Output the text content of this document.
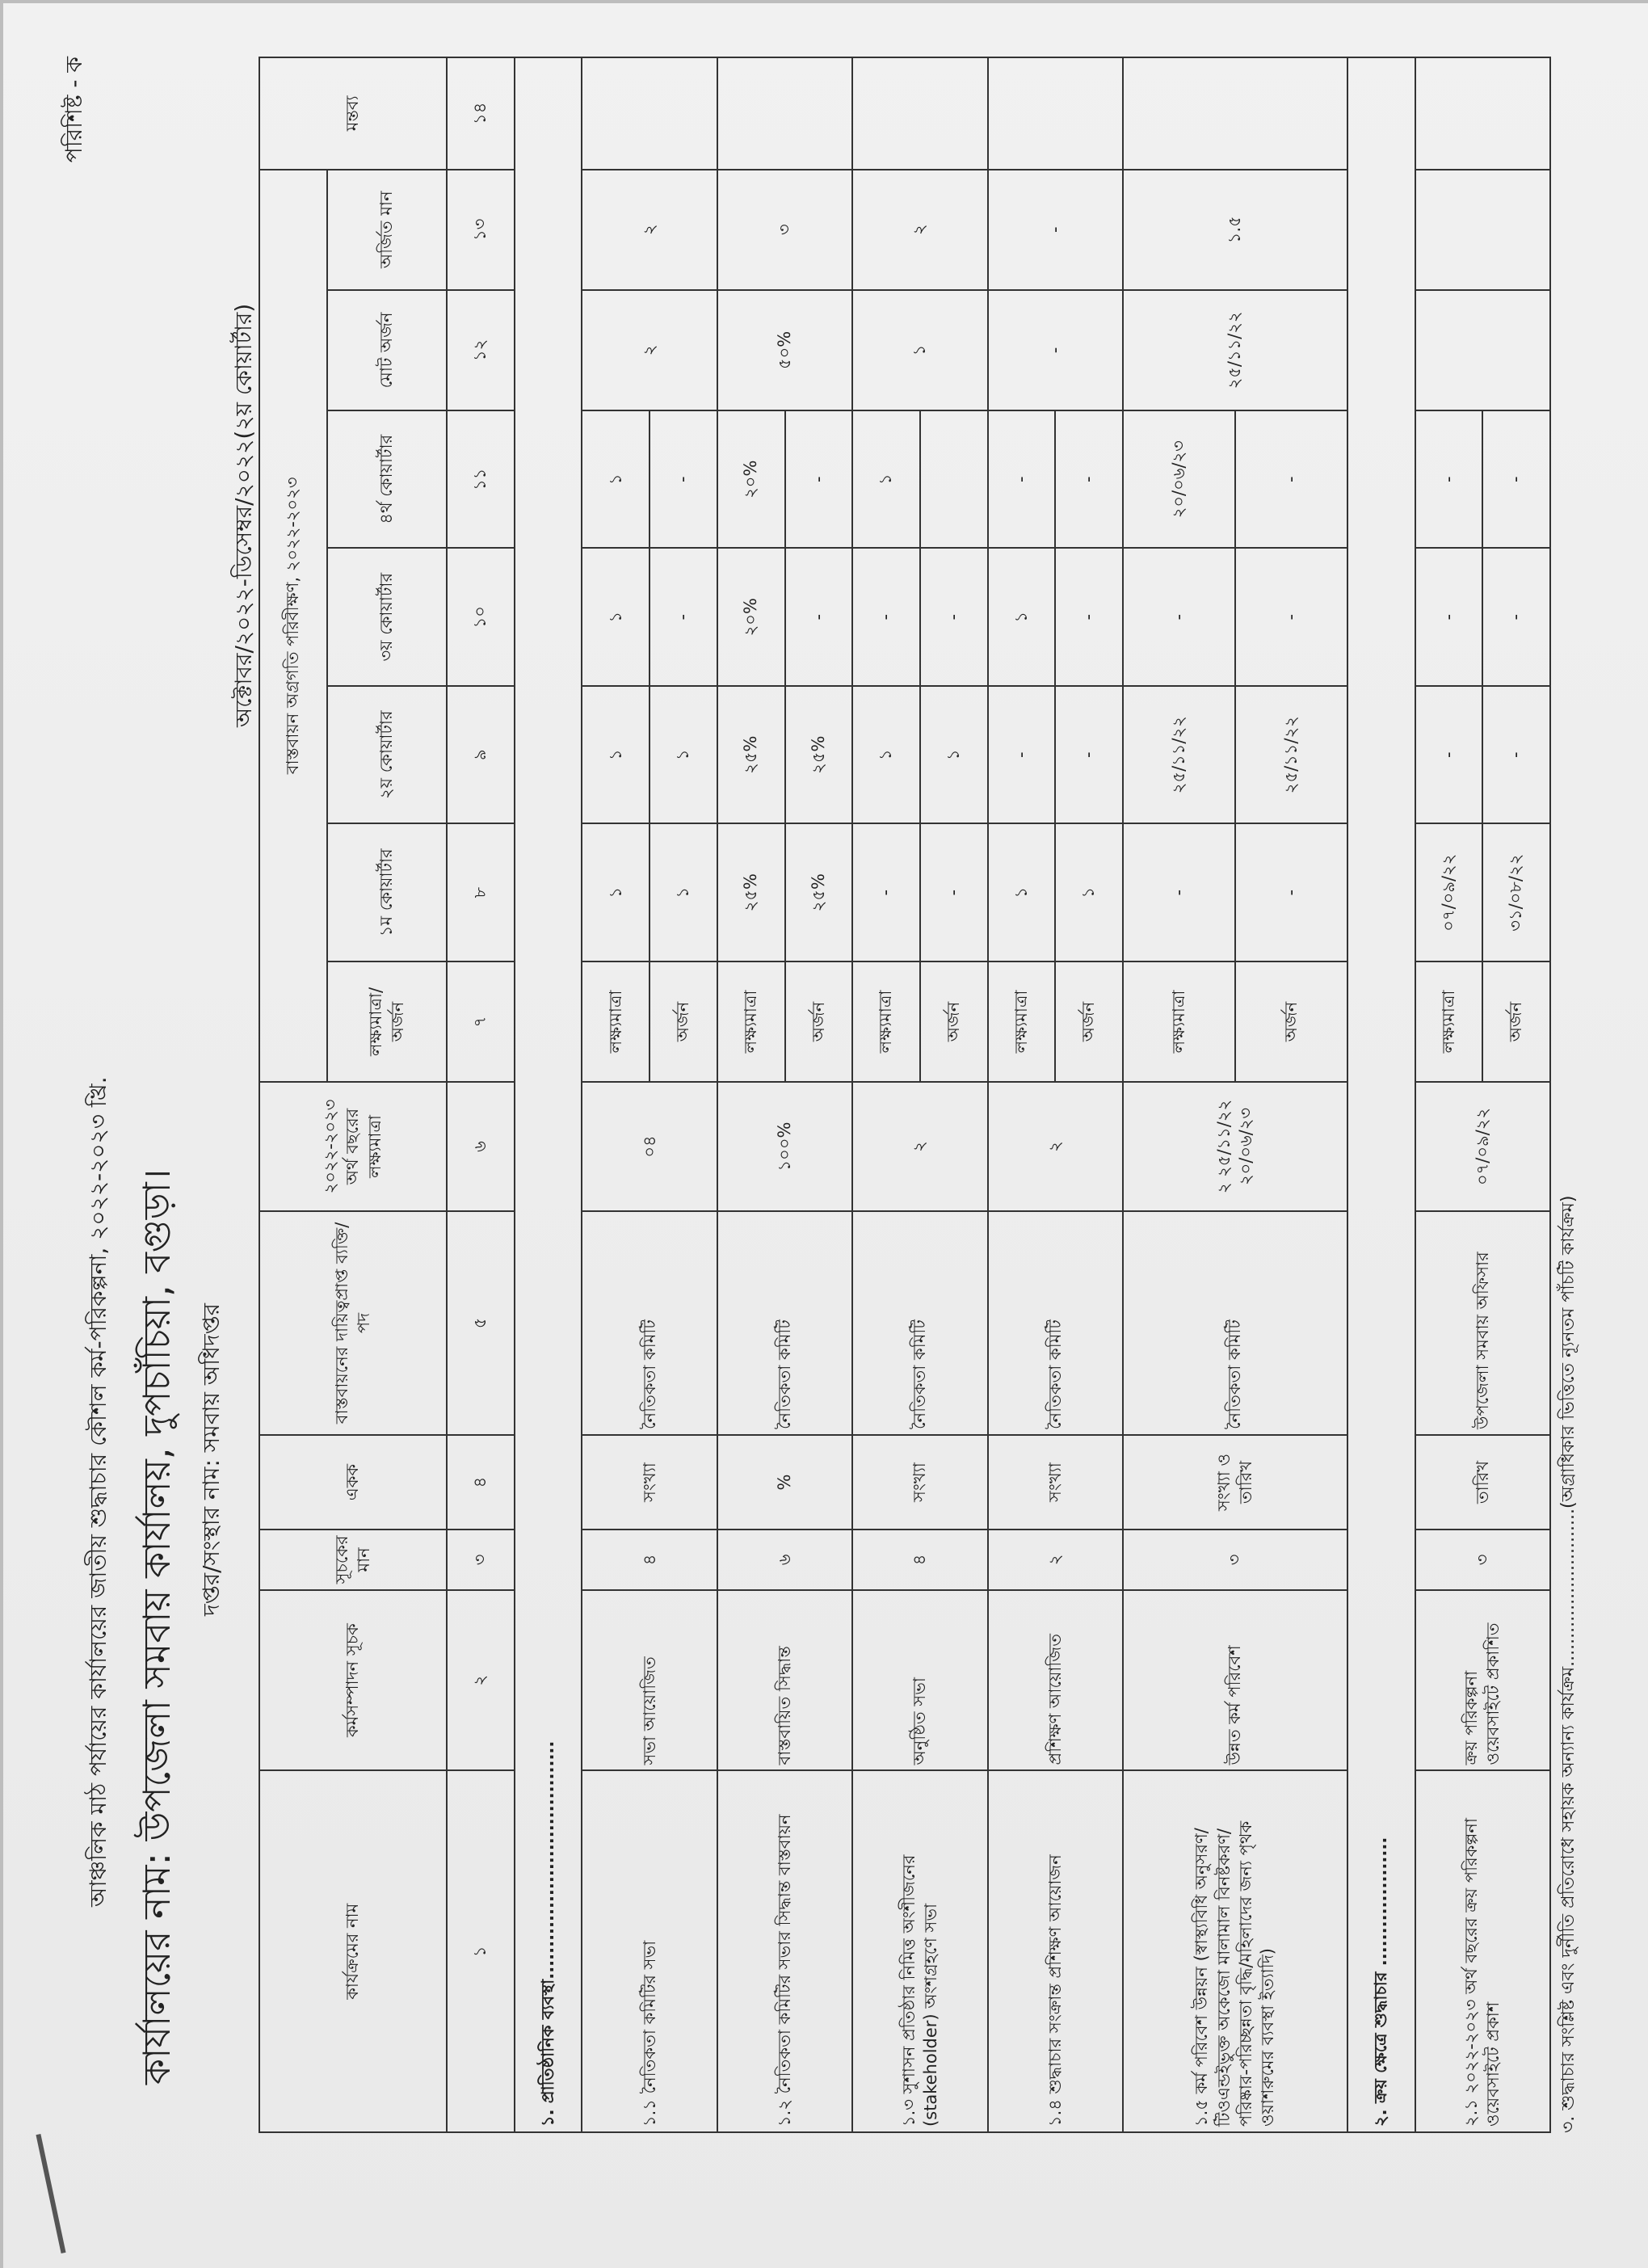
পরিশিষ্ট - ক
আঞ্চলিক মাঠ পর্যায়ের কার্যালয়ের জাতীয় শুদ্ধাচার কৌশল কর্ম-পরিকল্পনা, ২০২২-২০২৩ খ্রি. কার্যালয়ের নাম: উপজেলা সমবায় কার্যালয়, দুপচাঁচিয়া, বগুড়া। দপ্তর/সংস্থার নাম: সমবায় অধিদপ্তর
অক্টোবর/২০২২-ডিসেম্বর/২০২২(২য় কোয়ার্টার)
কার্যক্রমের নাম	কর্মসম্পাদন সূচক	সূচকের মান	একক	বাস্তবায়নের দায়িত্বপ্রাপ্ত ব্যক্তি/পদ	২০২২-২০২৩ অর্থ বছরের লক্ষ্যমাত্রা	বাস্তবায়ন অগ্রগতি পরিবীক্ষণ, ২০২২-২০২৩							মন্তব্য
						লক্ষ্যমাত্রা/ অর্জন	১ম কোয়ার্টার	২য় কোয়ার্টার	৩য় কোয়ার্টার	৪র্থ কোয়ার্টার	মোট অর্জন	অর্জিত মান	
১	২	৩	৪	৫	৬	৭	৮	৯	১০	১১	১২	১৩	১৪
১. প্রাতিষ্ঠানিক ব্যবস্থা.....................................													
১.১ নৈতিকতা কমিটির সভা	সভা আয়োজিত	৪	সংখ্যা	নৈতিকতা কমিটি	০৪	লক্ষ্যমাত্রা	১	১	১	১	২	২	
						অর্জন	১	১	-	-			
১.২ নৈতিকতা কমিটির সভার সিদ্ধান্ত বাস্তবায়ন	বাস্তবায়িত সিদ্ধান্ত	৬	%	নৈতিকতা কমিটি	১০০%	লক্ষ্যমাত্রা	২৫%	২৫%	২০%	২০%	৫০%	৩	
						অর্জন	২৫%	২৫%	-	-			
১.৩ সুশাসন প্রতিষ্ঠার নিমিত্ত অংশীজনের (stakeholder) অংশগ্রহণে সভা	অনুষ্ঠিত সভা	৪	সংখ্যা	নৈতিকতা কমিটি	২	লক্ষ্যমাত্রা	-	১	-	১	১	২	
						অর্জন	-	১	-				
১.৪ শুদ্ধাচার সংক্রান্ত প্রশিক্ষণ আয়োজন	প্রশিক্ষণ আয়োজিত	২	সংখ্যা	নৈতিকতা কমিটি	২	লক্ষ্যমাত্রা	১	-	১	-	-	-	
						অর্জন	১	-	-	-			
১.৫ কর্ম পরিবেশ উন্নয়ন (স্বাস্থ্যবিধি অনুসরণ/টিওএন্ডইভুক্ত অকেজো মালামাল বিনষ্টকরণ/পরিষ্কার-পরিচ্ছন্নতা বৃদ্ধি/মহিলাদের জন্য পৃথক ওয়াশরুমের ব্যবস্থা ইত্যাদি)	উন্নত কর্ম পরিবেশ	৩	সংখ্যা ও তারিখ	নৈতিকতা কমিটি	২ ২৫/১১/২২ ২০/০৬/২৩	লক্ষ্যমাত্রা	-	২৫/১১/২২	-	২০/০৬/২৩	২৫/১১/২২	১.৫	
						অর্জন	-	২৫/১১/২২	-	-			
২. ক্রয় ক্ষেত্রে শুদ্ধাচার ....................													
২.১ ২০২২-২০২৩ অর্থ বছরের ক্রয় পরিকল্পনা ওয়েবসাইটে প্রকাশ	ক্রয় পরিকল্পনা ওয়েবসাইটে প্রকাশিত	৩	তারিখ	উপজেলা সমবায় অফিসার	০৭/০৯/২২	লক্ষ্যমাত্রা	০৭/০৯/২২	-	-	-			
						অর্জন	৩১/০৮/২২	-	-	-			
৩. শুদ্ধাচার সংশ্লিষ্ট এবং দুর্নীতি প্রতিরোধে সহায়ক অন্যান্য কার্যক্রম............................(অগ্রাধিকার ভিত্তিতে ন্যূনতম পাঁচটি কার্যক্রম)
